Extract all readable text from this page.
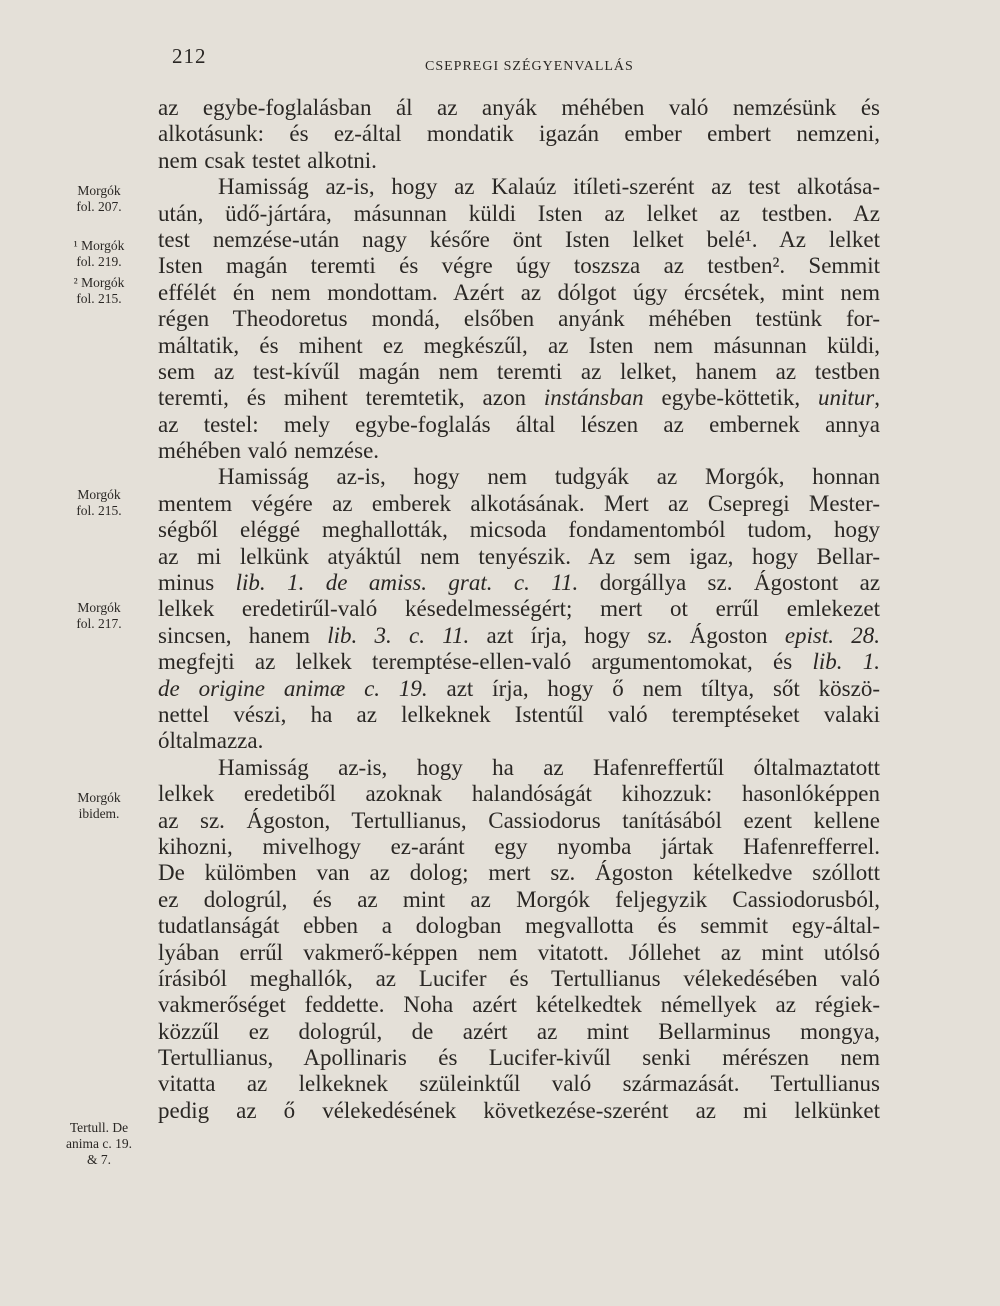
212	CSEPREGI SZÉGYENVALLÁS
az egybe-foglalásban ál az anyák méhében való nemzésünk és
alkotásunk: és ez-által mondatik igazán ember embert nemzeni,
nem csak testet alkotni.
Hamisság az-is, hogy az Kalaúz itíleti-szerént az test alkotása-
után, üdő-jártára, másunnan küldi Isten az lelket az testben. Az
test nemzése-után nagy későre önt Isten lelket belé¹. Az lelket
Isten magán teremti és végre úgy toszsza az testben². Semmit
effélét én nem mondottam. Azért az dólgot úgy ércsétek, mint nem
régen Theodoretus mondá, elsőben anyánk méhében testünk for-
máltatik, és mihent ez megkészűl, az Isten nem másunnan küldi,
sem az test-kívűl magán nem teremti az lelket, hanem az testben
teremti, és mihent teremtetik, azon instánsban egybe-köttetik, unitur,
az testel: mely egybe-foglalás által lészen az embernek annya
méhében való nemzése.
Hamisság az-is, hogy nem tudgyák az Morgók, honnan
mentem végére az emberek alkotásának. Mert az Csepregi Mester-
ségből eléggé meghallották, micsoda fondamentomból tudom, hogy
az mi lelkünk atyáktúl nem tenyészik. Az sem igaz, hogy Bellar-
minus lib. 1. de amiss. grat. c. 11. dorgállya sz. Ágostont az
lelkek eredetirűl-való késedelmességért; mert ot errűl emlekezet
sincsen, hanem lib. 3. c. 11. azt írja, hogy sz. Ágoston epist. 28.
megfejti az lelkek teremptése-ellen-való argumentomokat, és lib. 1.
de origine animæ c. 19. azt írja, hogy ő nem tíltya, sőt köszö-
nettel vészi, ha az lelkeknek Istentűl való teremptéseket valaki
óltalmazza.
Hamisság az-is, hogy ha az Hafenreffertűl óltalmaztatott
lelkek eredetiből azoknak halandóságát kihozzuk: hasonlóképpen
az sz. Ágoston, Tertullianus, Cassiodorus tanításából ezent kellene
kihozni, mivelhogy ez-aránt egy nyomba jártak Hafenrefferrel.
De külömben van az dolog; mert sz. Ágoston kételkedve szóllott
ez dologrúl, és az mint az Morgók feljegyzik Cassiodorusból,
tudatlanságát ebben a dologban megvallotta és semmit egy-által-
lyában errűl vakmerő-képpen nem vitatott. Jóllehet az mint utólsó
írásiból meghallók, az Lucifer és Tertullianus vélekedésében való
vakmerőséget feddette. Noha azért kételkedtek némellyek az régiek-
közzűl ez dologrúl, de azért az mint Bellarminus mongya,
Tertullianus, Apollinaris és Lucifer-kivűl senki mérészen nem
vitatta az lelkeknek szüleinktűl való származását. Tertullianus
pedig az ő vélekedésének következése-szerént az mi lelkünket
Morgók
fol. 207.
¹ Morgók
fol. 219.
² Morgók
fol. 215.
Morgók
fol. 215.
Morgók
fol. 217.
Morgók
ibidem.
Tertull. De
anima c. 19.
& 7.
